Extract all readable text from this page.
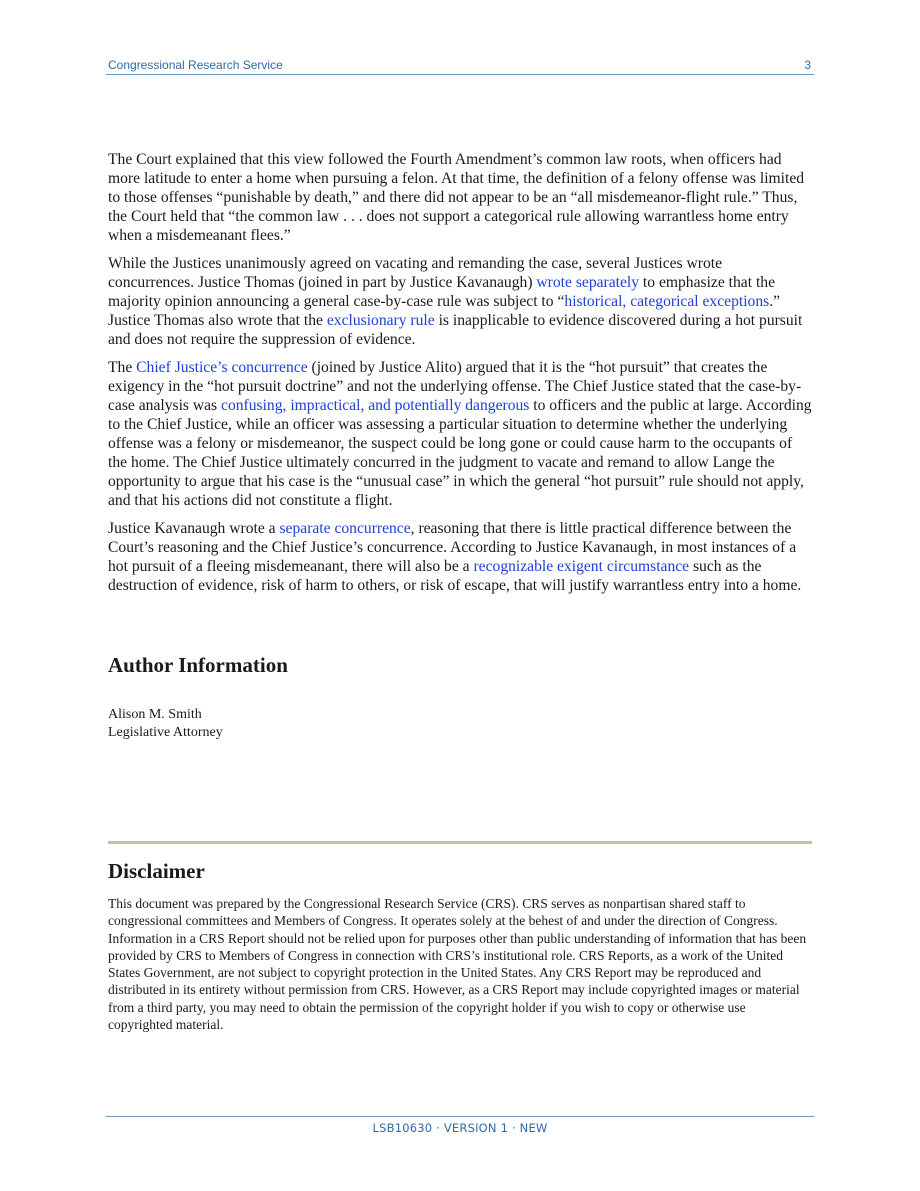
Congressional Research Service	3

The Court explained that this view followed the Fourth Amendment’s common law roots, when officers had more latitude to enter a home when pursuing a felon. At that time, the definition of a felony offense was limited to those offenses “punishable by death,” and there did not appear to be an “all misdemeanor-flight rule.” Thus, the Court held that “the common law . . . does not support a categorical rule allowing warrantless home entry when a misdemeanant flees.”

While the Justices unanimously agreed on vacating and remanding the case, several Justices wrote concurrences. Justice Thomas (joined in part by Justice Kavanaugh) wrote separately to emphasize that the majority opinion announcing a general case-by-case rule was subject to “historical, categorical exceptions.” Justice Thomas also wrote that the exclusionary rule is inapplicable to evidence discovered during a hot pursuit and does not require the suppression of evidence.

The Chief Justice’s concurrence (joined by Justice Alito) argued that it is the “hot pursuit” that creates the exigency in the “hot pursuit doctrine” and not the underlying offense. The Chief Justice stated that the case-by-case analysis was confusing, impractical, and potentially dangerous to officers and the public at large. According to the Chief Justice, while an officer was assessing a particular situation to determine whether the underlying offense was a felony or misdemeanor, the suspect could be long gone or could cause harm to the occupants of the home. The Chief Justice ultimately concurred in the judgment to vacate and remand to allow Lange the opportunity to argue that his case is the “unusual case” in which the general “hot pursuit” rule should not apply, and that his actions did not constitute a flight.

Justice Kavanaugh wrote a separate concurrence, reasoning that there is little practical difference between the Court’s reasoning and the Chief Justice’s concurrence. According to Justice Kavanaugh, in most instances of a hot pursuit of a fleeing misdemeanant, there will also be a recognizable exigent circumstance such as the destruction of evidence, risk of harm to others, or risk of escape, that will justify warrantless entry into a home.

Author Information
Alison M. Smith
Legislative Attorney
Disclaimer

This document was prepared by the Congressional Research Service (CRS). CRS serves as nonpartisan shared staff to congressional committees and Members of Congress. It operates solely at the behest of and under the direction of Congress. Information in a CRS Report should not be relied upon for purposes other than public understanding of information that has been provided by CRS to Members of Congress in connection with CRS’s institutional role. CRS Reports, as a work of the United States Government, are not subject to copyright protection in the United States. Any CRS Report may be reproduced and distributed in its entirety without permission from CRS. However, as a CRS Report may include copyrighted images or material from a third party, you may need to obtain the permission of the copyright holder if you wish to copy or otherwise use copyrighted material.

LSB10630 · VERSION 1 · NEW
